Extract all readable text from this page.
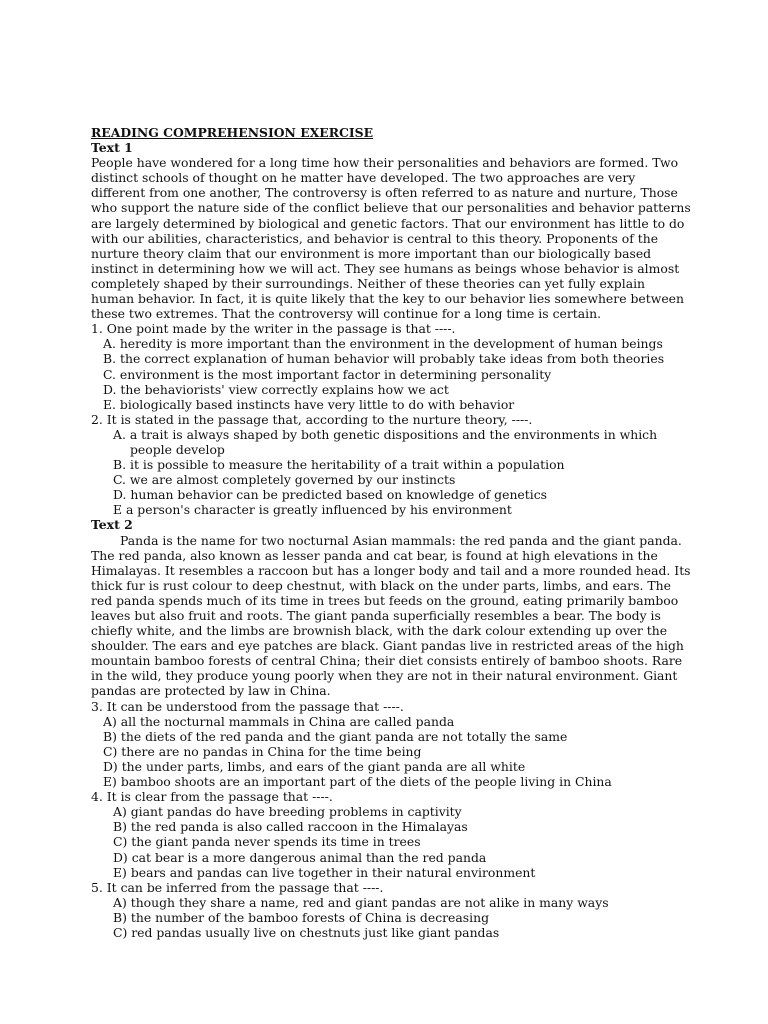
READING COMPREHENSION EXERCISE
Text 1
People have wondered for a long time how their personalities and behaviors are formed. Two distinct schools of thought on he matter have developed. The two approaches are very different from one another, The controversy is often referred to as nature and nurture, Those who support the nature side of the conflict believe that our personalities and behavior patterns are largely determined by biological and genetic factors. That our environment has little to do with our abilities, characteristics, and behavior is central to this theory. Proponents of the nurture theory claim that our environment is more important than our biologically based instinct in determining how we will act. They see humans as beings whose behavior is almost completely shaped by their surroundings. Neither of these theories can yet fully explain human behavior. In fact, it is quite likely that the key to our behavior lies somewhere between these two extremes. That the controversy will continue for a long time is certain.
1. One point made by the writer in the passage is that ----.
A. heredity is more important than the environment in the development of human beings
B. the correct explanation of human behavior will probably take ideas from both theories
C. environment is the most important factor in determining personality
D. the behaviorists' view correctly explains how we act
E. biologically based instincts have very little to do with behavior
2. It is stated in the passage that, according to the nurture theory, ----.
A. a trait is always shaped by both genetic dispositions and the environments in which people develop
B. it is possible to measure the heritability of a trait within a population
C. we are almost completely governed by our instincts
D. human behavior can be predicted based on knowledge of genetics
E a person's character is greatly influenced by his environment
Text 2
Panda is the name for two nocturnal Asian mammals: the red panda and the giant panda. The red panda, also known as lesser panda and cat bear, is found at high elevations in the Himalayas. It resembles a raccoon but has a longer body and tail and a more rounded head. Its thick fur is rust colour to deep chestnut, with black on the under parts, limbs, and ears. The red panda spends much of its time in trees but feeds on the ground, eating primarily bamboo leaves but also fruit and roots. The giant panda superficially resembles a bear. The body is chiefly white, and the limbs are brownish black, with the dark colour extending up over the shoulder. The ears and eye patches are black. Giant pandas live in restricted areas of the high mountain bamboo forests of central China; their diet consists entirely of bamboo shoots. Rare in the wild, they produce young poorly when they are not in their natural environment. Giant pandas are protected by law in China.
3. It can be understood from the passage that ----.
A) all the nocturnal mammals in China are called panda
B) the diets of the red panda and the giant panda are not totally the same
C) there are no pandas in China for the time being
D) the under parts, limbs, and ears of the giant panda are all white
E) bamboo shoots are an important part of the diets of the people living in China
4. It is clear from the passage that ----.
A) giant pandas do have breeding problems in captivity
B) the red panda is also called raccoon in the Himalayas
C) the giant panda never spends its time in trees
D) cat bear is a more dangerous animal than the red panda
E) bears and pandas can live together in their natural environment
5. It can be inferred from the passage that ----.
A) though they share a name, red and giant pandas are not alike in many ways
B) the number of the bamboo forests of China is decreasing
C) red pandas usually live on chestnuts just like giant pandas
